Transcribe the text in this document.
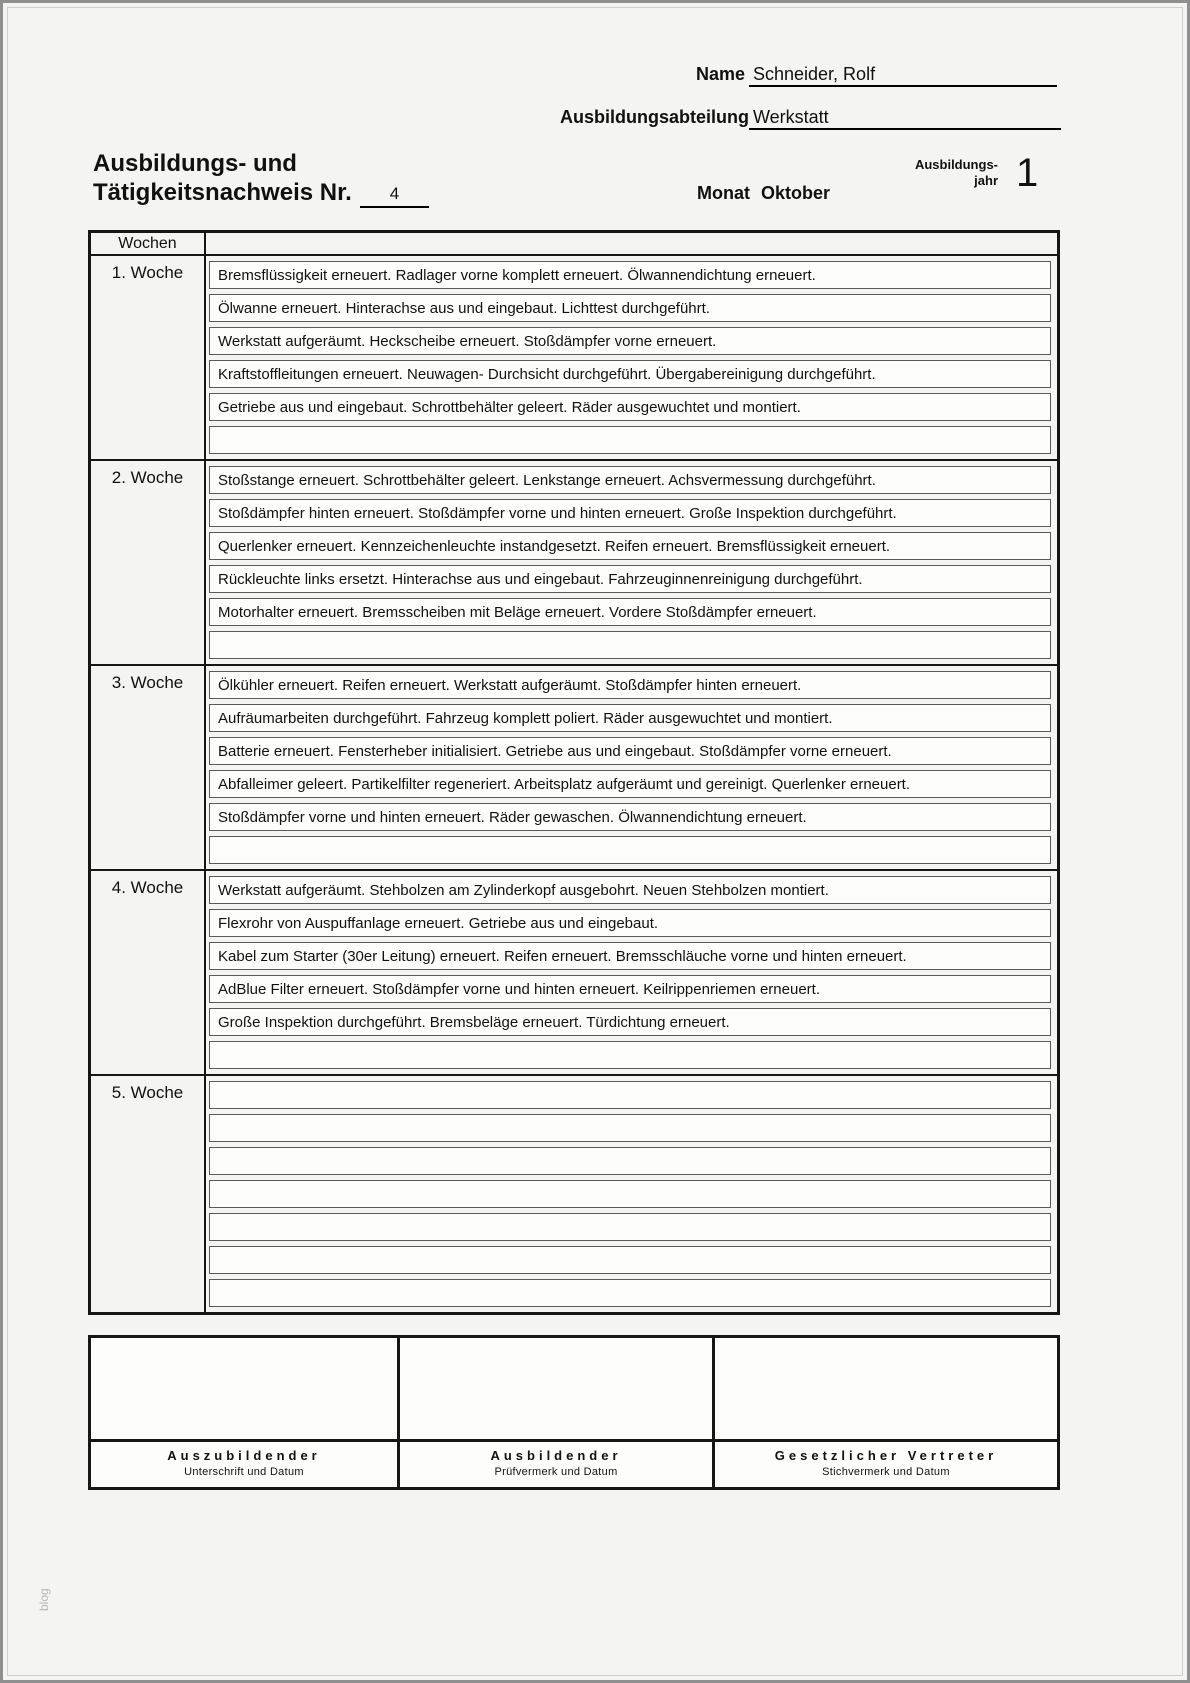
Name Schneider, Rolf
Ausbildungsabteilung Werkstatt
Ausbildungs- und
Tätigkeitsnachweis Nr.	4	Monat Oktober
Ausbildungs-
jahr 1
Wochen
1. Woche	Bremsflüssigkeit erneuert. Radlager vorne komplett erneuert. Ölwannendichtung erneuert.
Ölwanne erneuert. Hinterachse aus und eingebaut. Lichttest durchgeführt.
Werkstatt aufgeräumt. Heckscheibe erneuert. Stoßdämpfer vorne erneuert.
Kraftstoffleitungen erneuert. Neuwagen- Durchsicht durchgeführt. Übergabereinigung durchgeführt.
Getriebe aus und eingebaut. Schrottbehälter geleert. Räder ausgewuchtet und montiert.
2. Woche	Stoßstange erneuert. Schrottbehälter geleert. Lenkstange erneuert. Achsvermessung durchgeführt.
Stoßdämpfer hinten erneuert. Stoßdämpfer vorne und hinten erneuert. Große Inspektion durchgeführt.
Querlenker erneuert. Kennzeichenleuchte instandgesetzt. Reifen erneuert. Bremsflüssigkeit erneuert.
Rückleuchte links ersetzt. Hinterachse aus und eingebaut. Fahrzeuginnenreinigung durchgeführt.
Motorhalter erneuert. Bremsscheiben mit Beläge erneuert. Vordere Stoßdämpfer erneuert.
3. Woche	Ölkühler erneuert. Reifen erneuert. Werkstatt aufgeräumt. Stoßdämpfer hinten erneuert.
Aufräumarbeiten durchgeführt. Fahrzeug komplett poliert. Räder ausgewuchtet und montiert.
Batterie erneuert. Fensterheber initialisiert. Getriebe aus und eingebaut. Stoßdämpfer vorne erneuert.
Abfalleimer geleert. Partikelfilter regeneriert. Arbeitsplatz aufgeräumt und gereinigt. Querlenker erneuert.
Stoßdämpfer vorne und hinten erneuert. Räder gewaschen. Ölwannendichtung erneuert.
4. Woche	Werkstatt aufgeräumt. Stehbolzen am Zylinderkopf ausgebohrt. Neuen Stehbolzen montiert.
Flexrohr von Auspuffanlage erneuert. Getriebe aus und eingebaut.
Kabel zum Starter (30er Leitung) erneuert. Reifen erneuert. Bremsschläuche vorne und hinten erneuert.
AdBlue Filter erneuert. Stoßdämpfer vorne und hinten erneuert. Keilrippenriemen erneuert.
Große Inspektion durchgeführt. Bremsbeläge erneuert. Türdichtung erneuert.
5. Woche
Auszubildender
Unterschrift und Datum
Ausbildender
Prüfvermerk und Datum
Gesetzlicher Vertreter
Stichvermerk und Datum
blog
